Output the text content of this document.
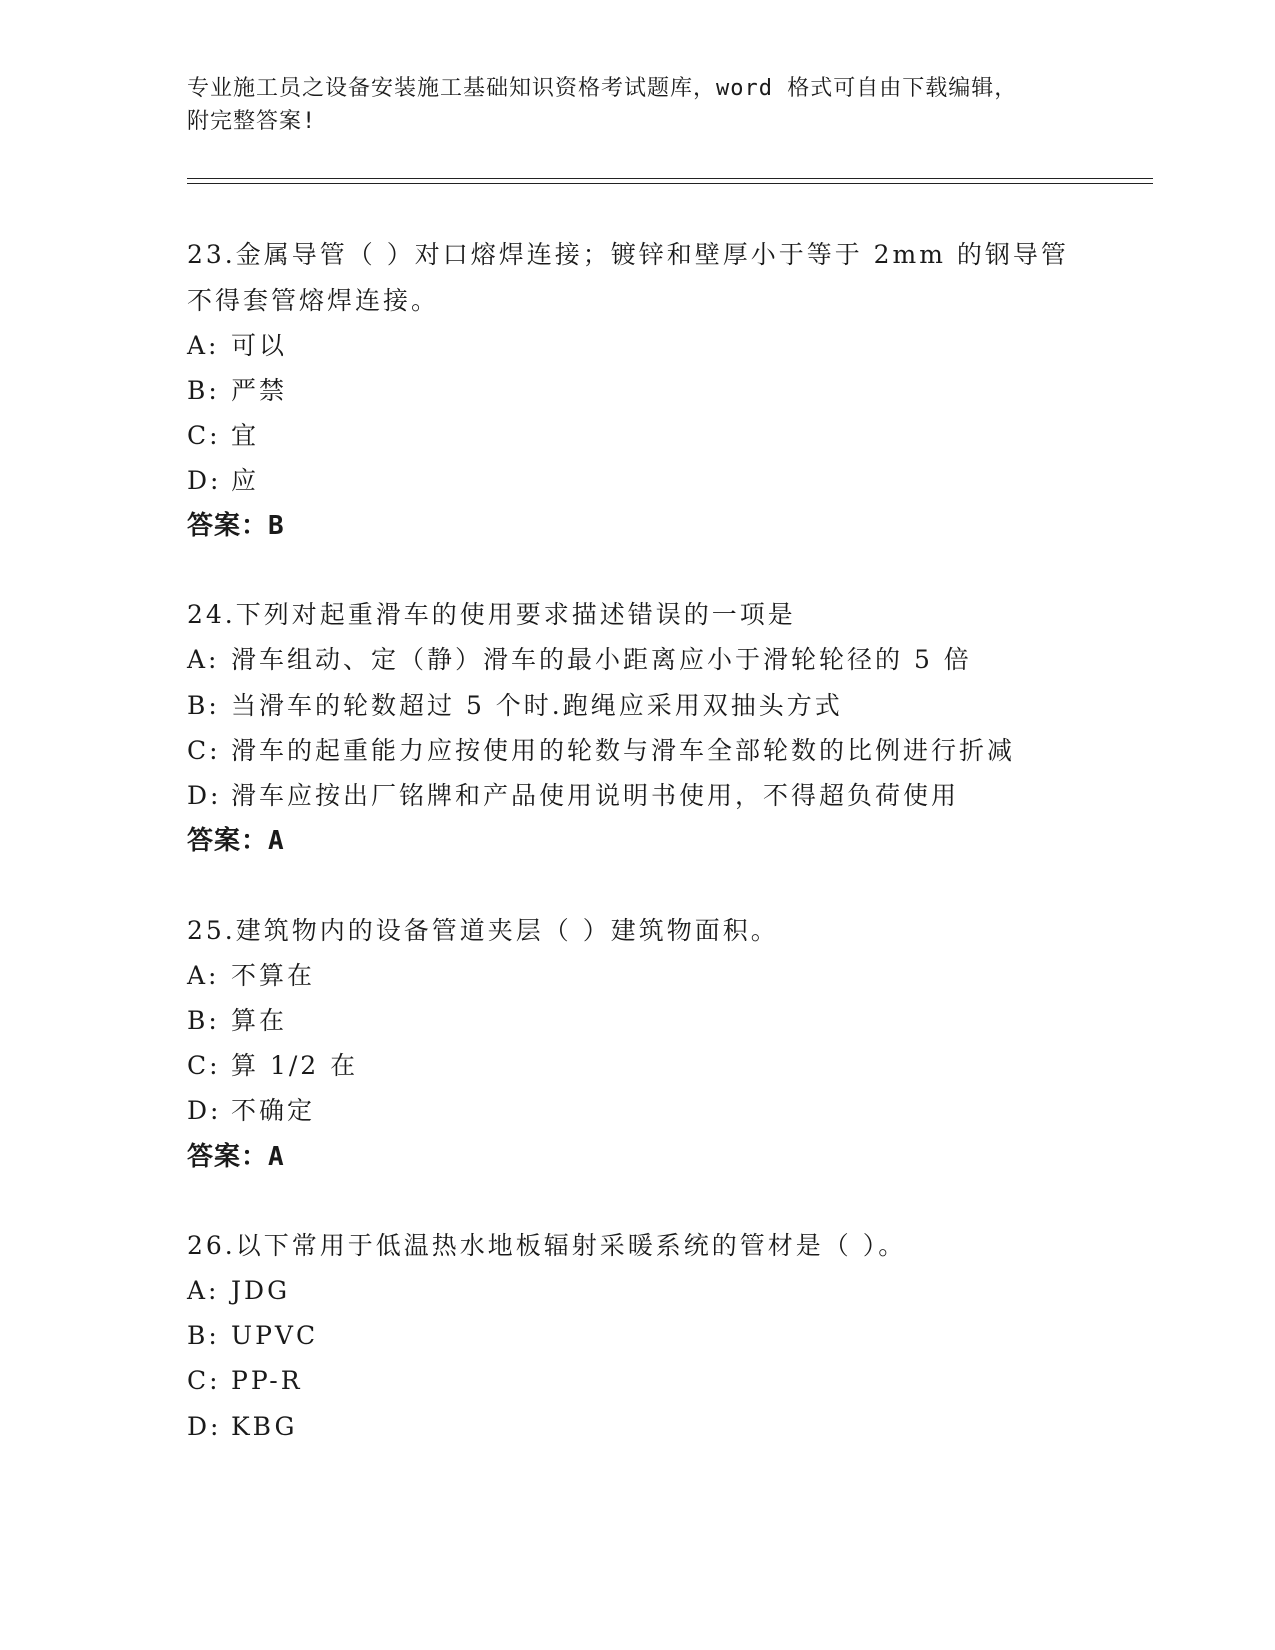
专业施工员之设备安装施工基础知识资格考试题库，word 格式可自由下载编辑，
附完整答案!
23.金属导管（ ）对口熔焊连接；镀锌和壁厚小于等于 2mm 的钢导管
不得套管熔焊连接。
A: 可以
B: 严禁
C: 宜
D: 应
答案：B
24.下列对起重滑车的使用要求描述错误的一项是
A: 滑车组动、定（静）滑车的最小距离应小于滑轮轮径的 5 倍
B: 当滑车的轮数超过 5 个时.跑绳应采用双抽头方式
C: 滑车的起重能力应按使用的轮数与滑车全部轮数的比例进行折减
D: 滑车应按出厂铭牌和产品使用说明书使用，不得超负荷使用
答案：A
25.建筑物内的设备管道夹层（ ）建筑物面积。
A: 不算在
B: 算在
C: 算 1/2 在
D: 不确定
答案：A
26.以下常用于低温热水地板辐射采暖系统的管材是（ ）。
A: JDG
B: UPVC
C: PP-R
D: KBG
